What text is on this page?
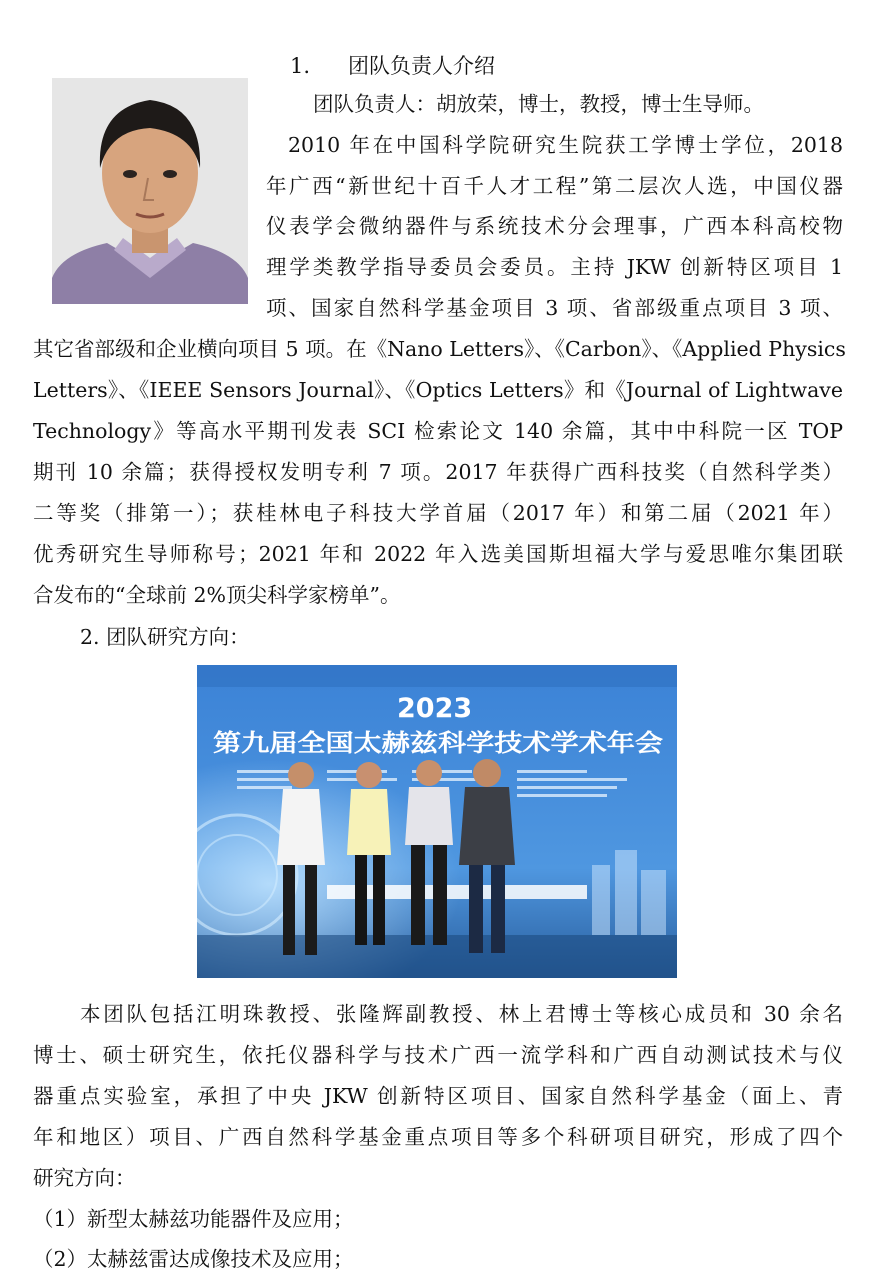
1. 团队负责人介绍
团队负责人：胡放荣，博士，教授，博士生导师。
2010 年在中国科学院研究生院获工学博士学位，2018
年广西“新世纪十百千人才工程”第二层次人选，中国仪器
仪表学会微纳器件与系统技术分会理事，广西本科高校物
理学类教学指导委员会委员。主持 JKW 创新特区项目 1
项、国家自然科学基金项目 3 项、省部级重点项目 3 项、
其它省部级和企业横向项目 5 项。在《Nano Letters》、《Carbon》、《Applied Physics
Letters》、《IEEE Sensors Journal》、《Optics Letters》和《Journal of Lightwave
Technology》等高水平期刊发表 SCI 检索论文 140 余篇，其中中科院一区 TOP
期刊 10 余篇；获得授权发明专利 7 项。2017 年获得广西科技奖（自然科学类）
二等奖（排第一）；获桂林电子科技大学首届（2017 年）和第二届（2021 年）
优秀研究生导师称号；2021 年和 2022 年入选美国斯坦福大学与爱思唯尔集团联
合发布的“全球前 2%顶尖科学家榜单”。
2. 团队研究方向：
2023
第九届全国太赫兹科学技术学术年会
本团队包括江明珠教授、张隆辉副教授、林上君博士等核心成员和 30 余名
博士、硕士研究生，依托仪器科学与技术广西一流学科和广西自动测试技术与仪
器重点实验室，承担了中央 JKW 创新特区项目、国家自然科学基金（面上、青
年和地区）项目、广西自然科学基金重点项目等多个科研项目研究，形成了四个
研究方向：
（1）新型太赫兹功能器件及应用；
（2）太赫兹雷达成像技术及应用；
